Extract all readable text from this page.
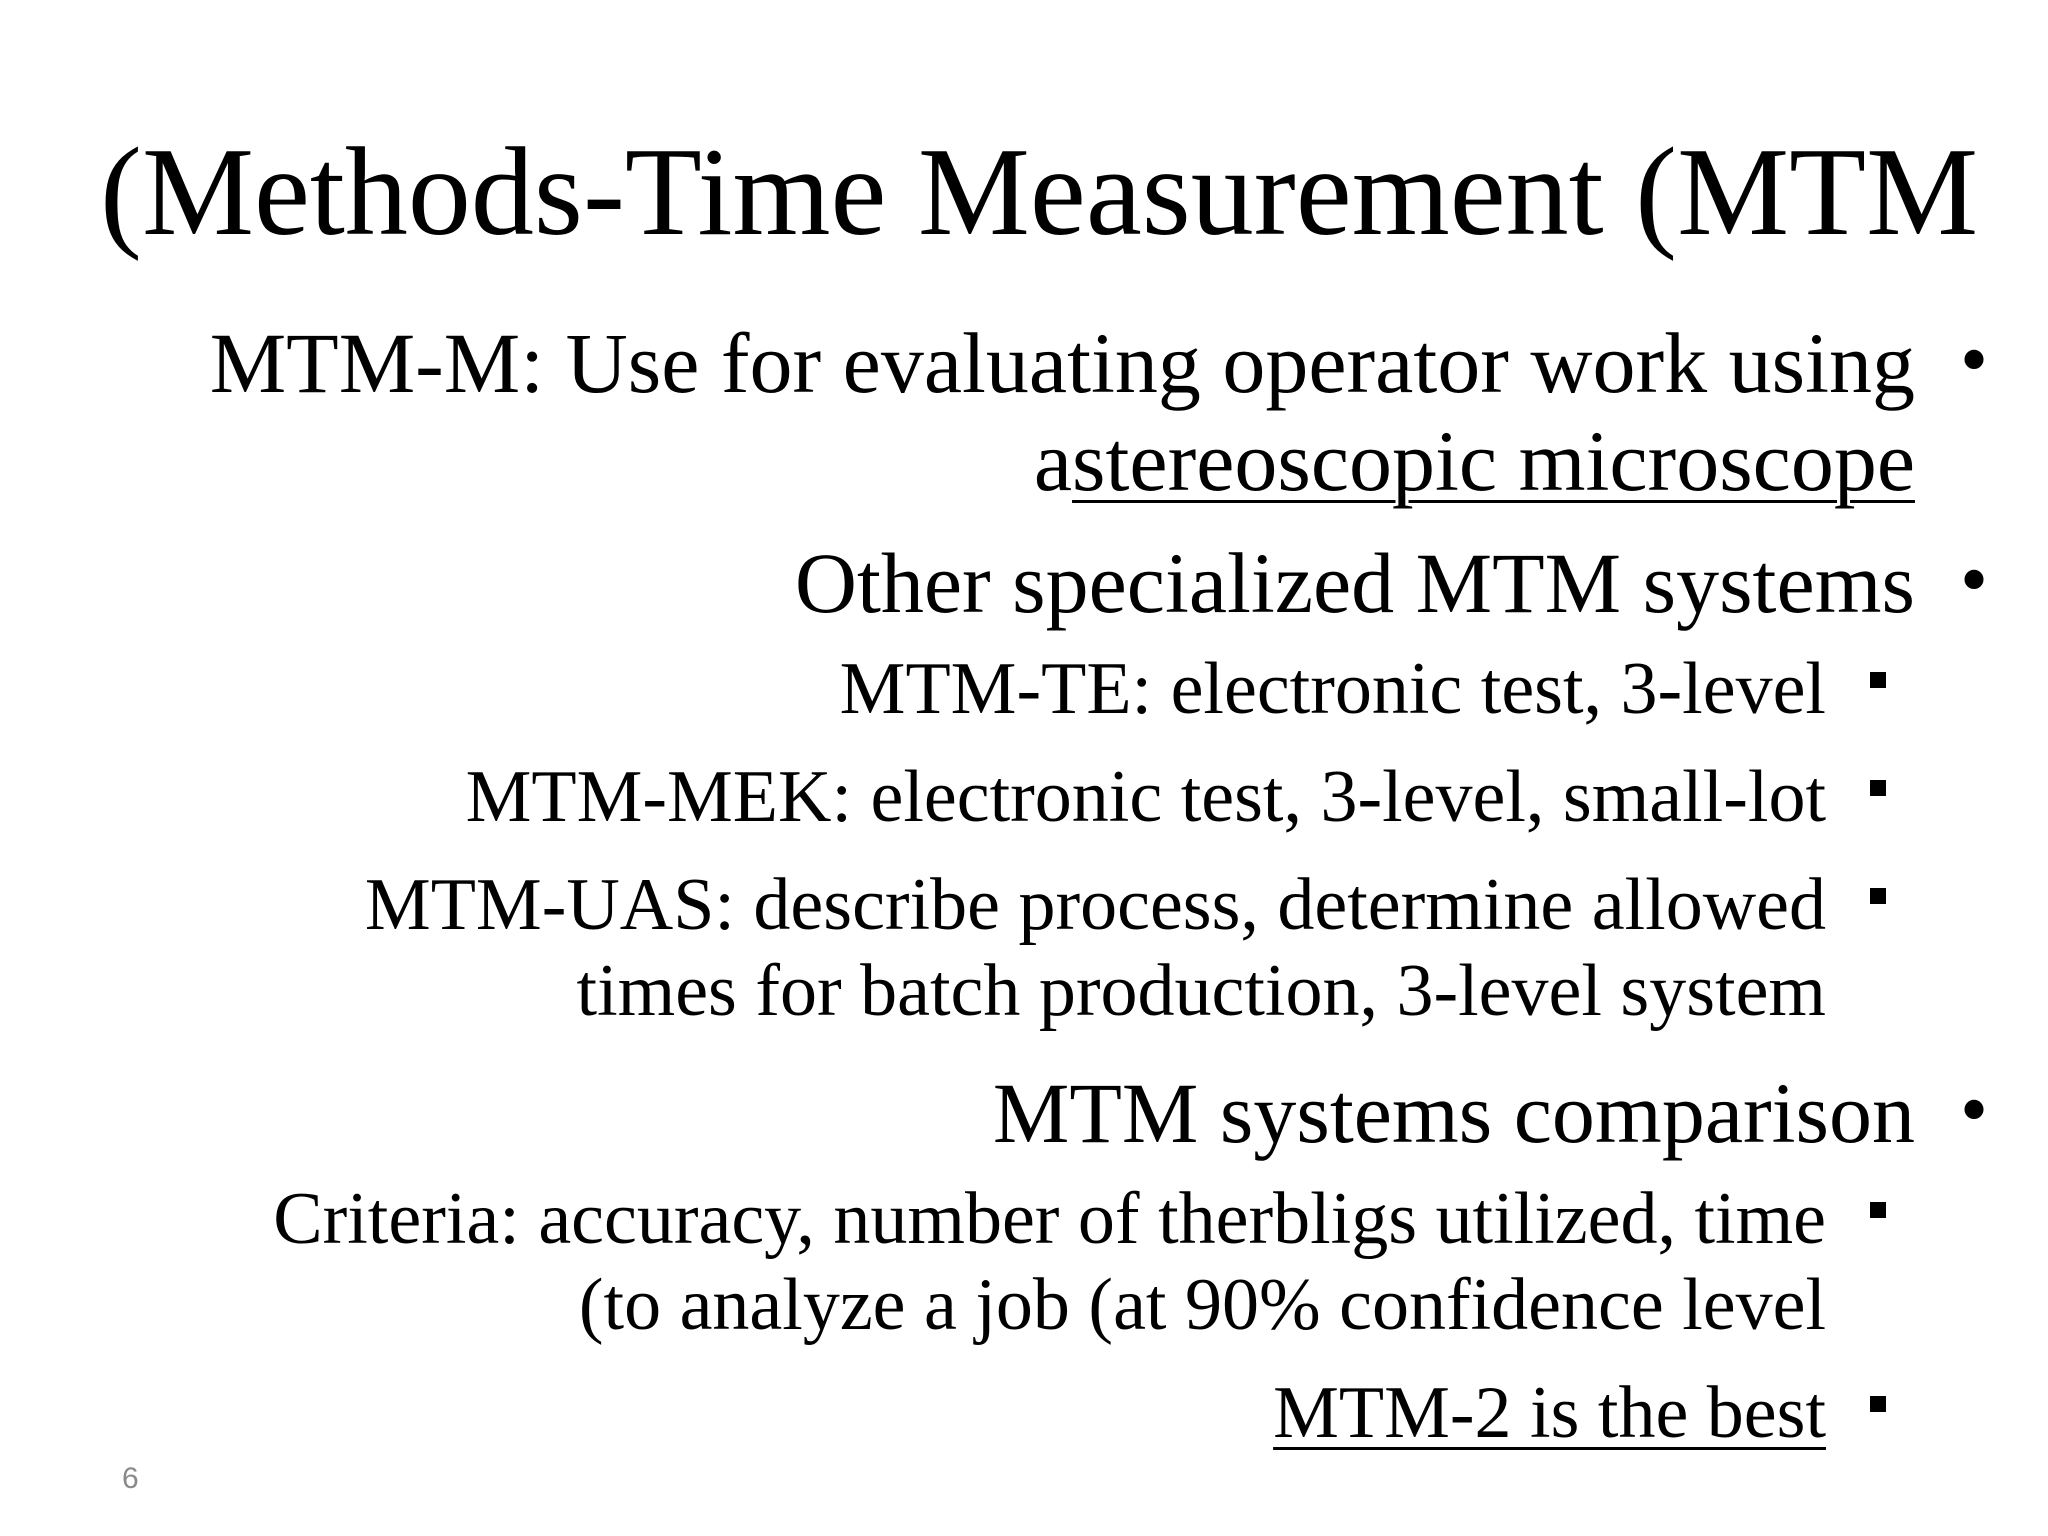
(Methods-Time Measurement (MTM
MTM-M: Use for evaluating operator work using
astereoscopic microscope
•
Other specialized MTM systems •
MTM-TE: electronic test, 3-level
MTM-MEK: electronic test, 3-level, small-lot
MTM-UAS: describe process, determine allowed
times for batch production, 3-level system
MTM systems comparison •
Criteria: accuracy, number of therbligs utilized, time
(to analyze a job (at 90% confidence level
MTM-2 is the best
6
